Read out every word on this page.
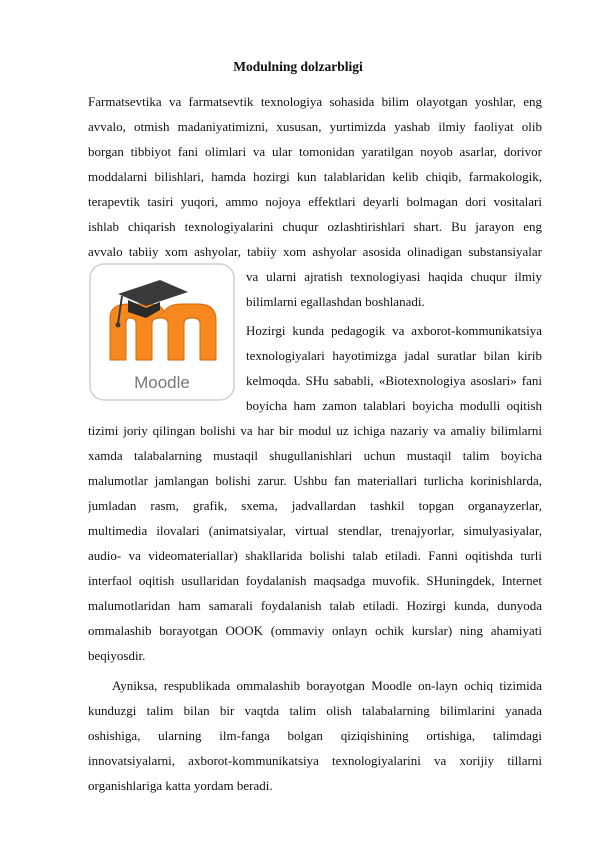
Modulning dolzarbligi
Moodle
Farmatsevtika va farmatsevtik texnologiya sohasida bilim olayotgan yoshlar, eng
avvalo, otmish madaniyatimizni, xususan, yurtimizda yashab ilmiy faoliyat olib
borgan tibbiyot fani olimlari va ular tomonidan yaratilgan noyob asarlar, dorivor
moddalarni bilishlari, hamda hozirgi kun talablaridan kelib chiqib, farmakologik,
terapevtik tasiri yuqori, ammo nojoya effektlari deyarli bolmagan dori vositalari
ishlab chiqarish texnologiyalarini chuqur ozlashtirishlari shart. Bu jarayon eng
avvalo tabiiy xom ashyolar, tabiiy xom ashyolar asosida olinadigan substansiyalar
va ularni ajratish texnologiyasi haqida chuqur ilmiy
bilimlarni egallashdan boshlanadi.
Hozirgi kunda pedagogik va axborot-kommunikatsiya
texnologiyalari hayotimizga jadal suratlar bilan kirib
kelmoqda. SHu sababli, «Biotexnologiya asoslari» fani
boyicha ham zamon talablari boyicha modulli oqitish
tizimi joriy qilingan bolishi va har bir modul uz ichiga nazariy va amaliy bilimlarni
xamda talabalarning mustaqil shugullanishlari uchun mustaqil talim boyicha
malumotlar jamlangan bolishi zarur. Ushbu fan materiallari turlicha korinishlarda,
jumladan rasm, grafik, sxema, jadvallardan tashkil topgan organayzerlar,
multimedia ilovalari (animatsiyalar, virtual stendlar, trenajyorlar, simulyasiyalar,
audio- va videomateriallar) shakllarida bolishi talab etiladi. Fanni oqitishda turli
interfaol oqitish usullaridan foydalanish maqsadga muvofik. SHuningdek, Internet
malumotlaridan ham samarali foydalanish talab etiladi. Hozirgi kunda, dunyoda
ommalashib borayotgan OOOK (ommaviy onlayn ochik kurslar) ning ahamiyati
beqiyosdir.
Ayniksa, respublikada ommalashib borayotgan Moodle on-layn ochiq tizimida
kunduzgi talim bilan bir vaqtda talim olish talabalarning bilimlarini yanada
oshishiga, ularning ilm-fanga bolgan qiziqishining ortishiga, talimdagi
innovatsiyalarni, axborot-kommunikatsiya texnologiyalarini va xorijiy tillarni
organishlariga katta yordam beradi.
